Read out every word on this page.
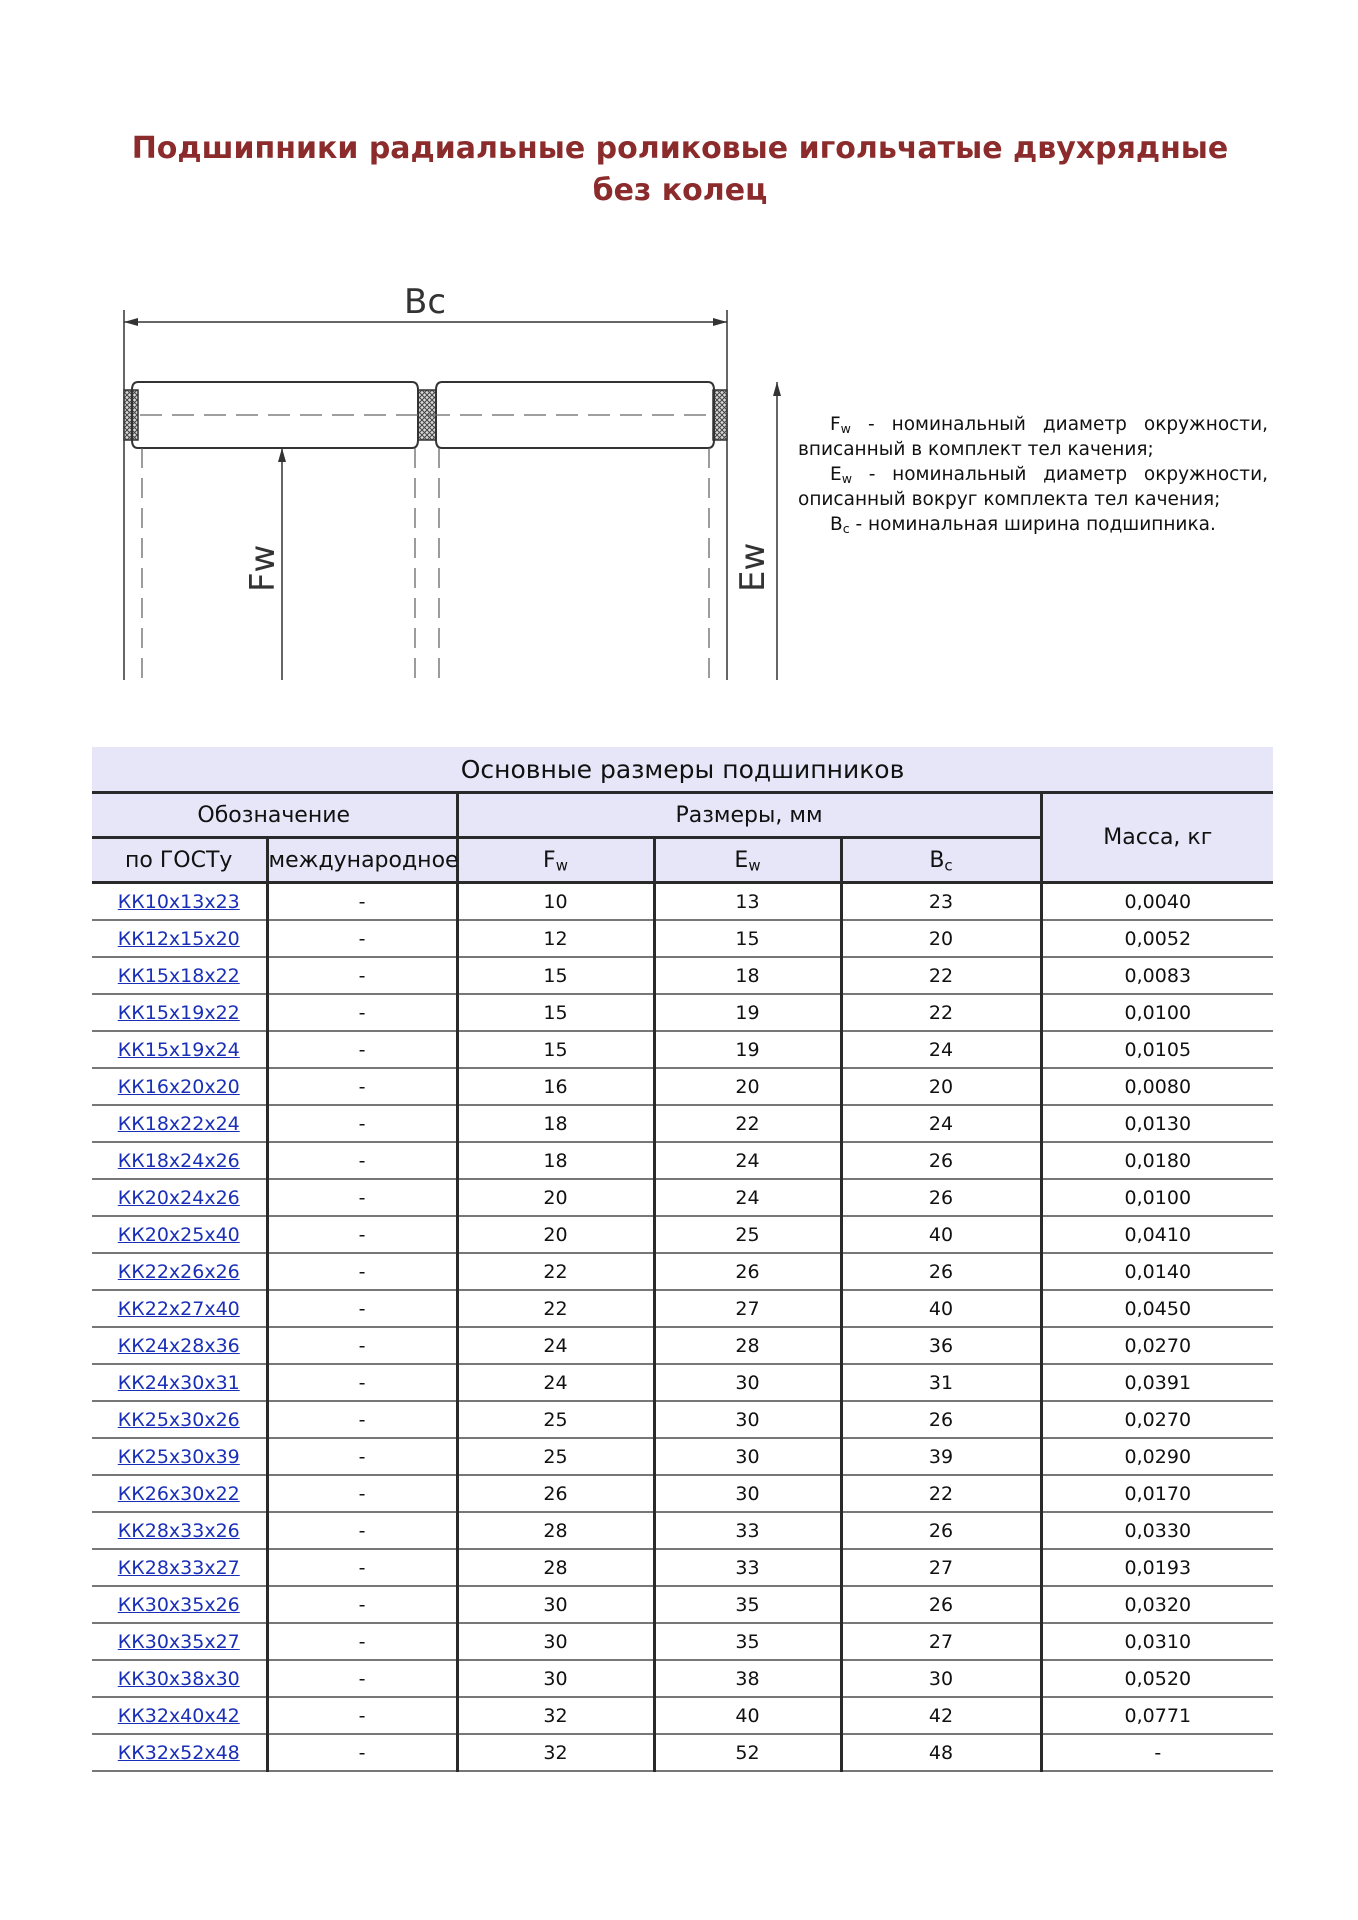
Подшипники радиальные роликовые игольчатые двухрядные без колец
Bc
Fw	Ew

$F_w$ - номинальный диаметр окружности,

вписанный в комплект тел качения;

$E_w$ - номинальный диаметр окружности,

описанный вокруг комплекта тел качения;

$B_c$ - номинальная ширина подшипника.

Основные размеры подшипников					
Обозначение		Размеры, мм			Масса, кг
по ГОСТу	международное	$F_w$	$E_w$	$B_c$
КК10x13x23	-	10	13	23	0,0040
КК12x15x20	-	12	15	20	0,0052
КК15x18x22	-	15	18	22	0,0083
КК15x19x22	-	15	19	22	0,0100
КК15x19x24	-	15	19	24	0,0105
КК16x20x20	-	16	20	20	0,0080
КК18x22x24	-	18	22	24	0,0130
КК18x24x26	-	18	24	26	0,0180
КК20x24x26	-	20	24	26	0,0100
КК20x25x40	-	20	25	40	0,0410
КК22x26x26	-	22	26	26	0,0140
КК22x27x40	-	22	27	40	0,0450
КК24x28x36	-	24	28	36	0,0270
КК24x30x31	-	24	30	31	0,0391
КК25x30x26	-	25	30	26	0,0270
КК25x30x39	-	25	30	39	0,0290
КК26x30x22	-	26	30	22	0,0170
КК28x33x26	-	28	33	26	0,0330
КК28x33x27	-	28	33	27	0,0193
КК30x35x26	-	30	35	26	0,0320
КК30x35x27	-	30	35	27	0,0310
КК30x38x30	-	30	38	30	0,0520
КК32x40x42	-	32	40	42	0,0771
КК32x52x48	-	32	52	48	-
